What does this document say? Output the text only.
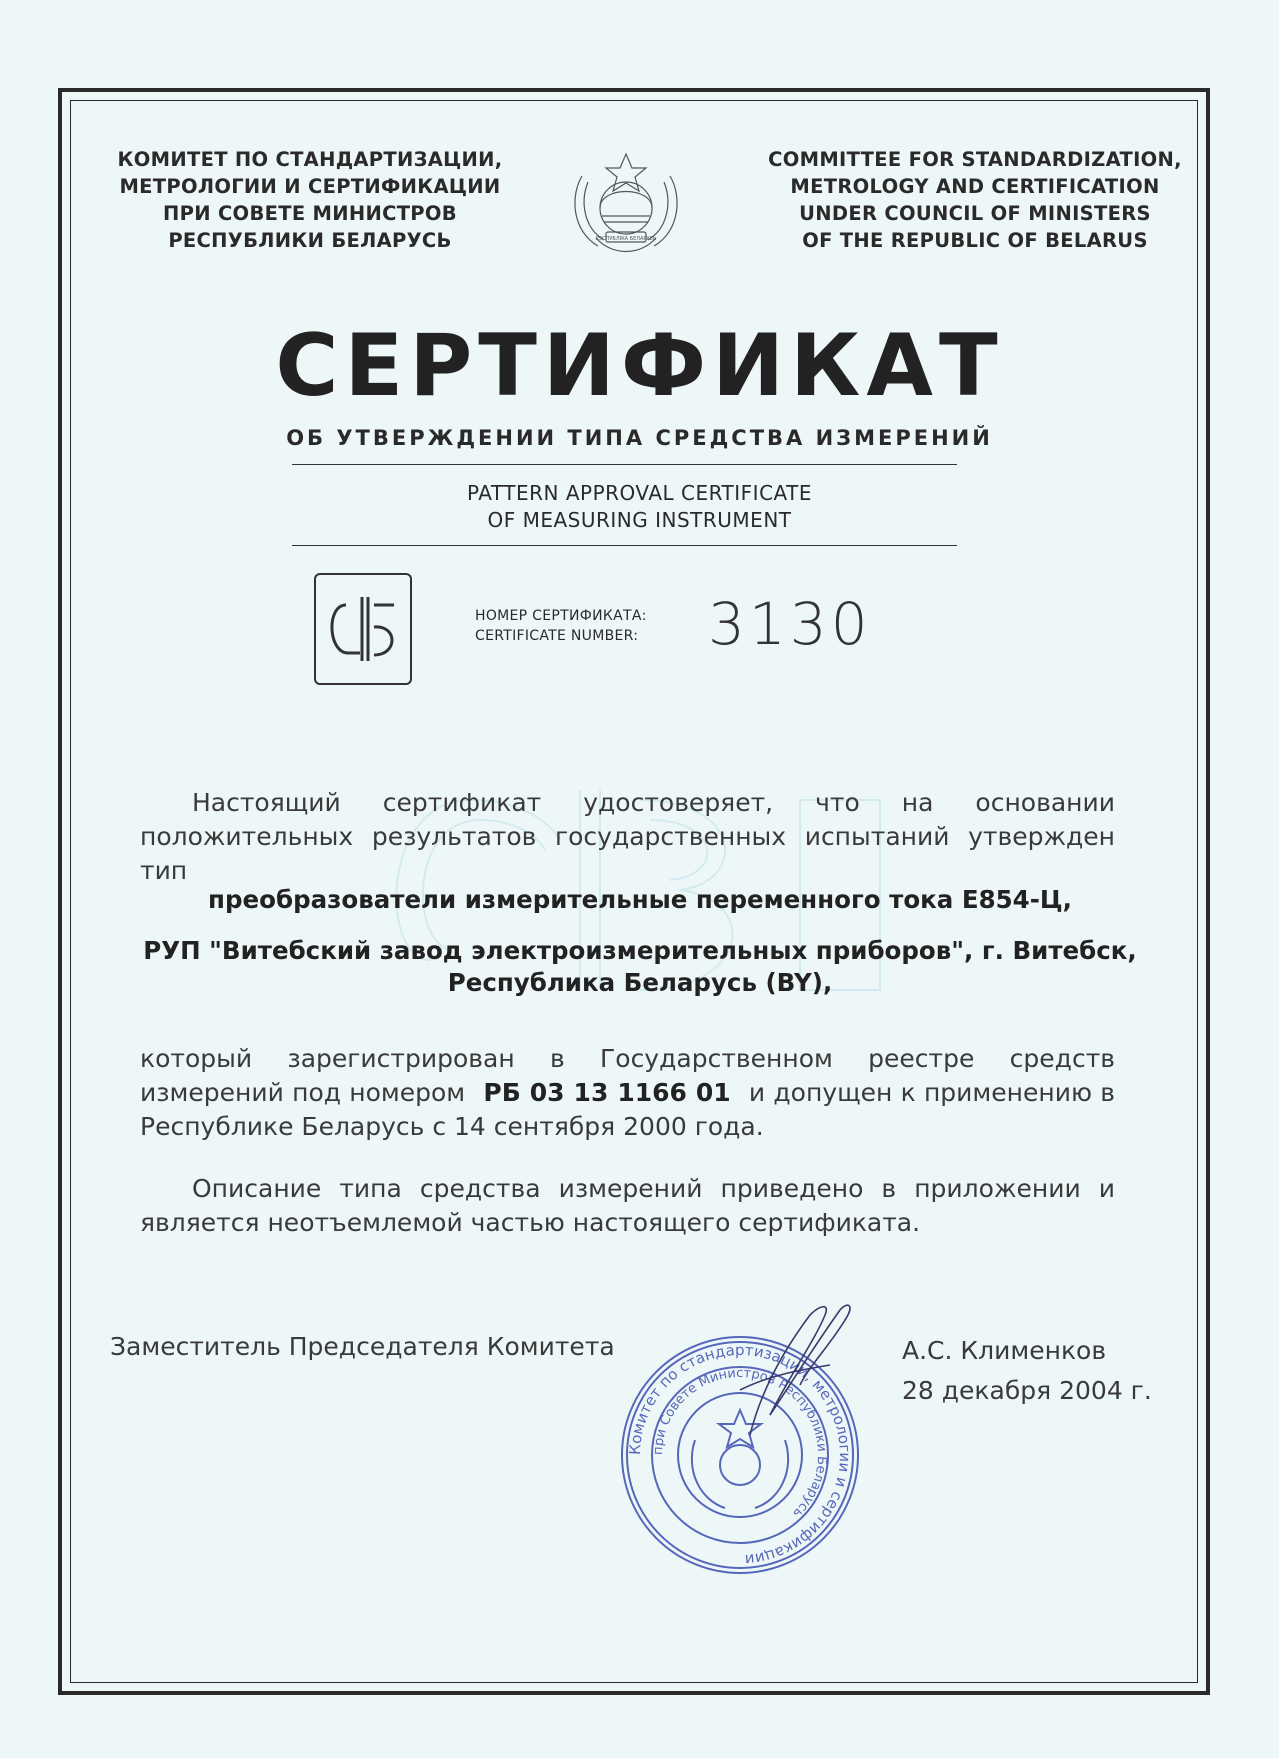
КОМИТЕТ ПО СТАНДАРТИЗАЦИИ,
МЕТРОЛОГИИ И СЕРТИФИКАЦИИ
ПРИ СОВЕТЕ МИНИСТРОВ
РЕСПУБЛИКИ БЕЛАРУСЬ	РЭСПУБЛІКА БЕЛАРУСЬ
COMMITTEE FOR STANDARDIZATION,
METROLOGY AND CERTIFICATION
UNDER COUNCIL OF MINISTERS
OF THE REPUBLIC OF BELARUS
СЕРТИФИКАТ
ОБ УТВЕРЖДЕНИИ ТИПА СРЕДСТВА ИЗМЕРЕНИЙ
PATTERN APPROVAL CERTIFICATE
OF MEASURING INSTRUMENT
НОМЕР СЕРТИФИКАТА:
CERTIFICATE NUMBER: 3130
Настоящий сертификат удостоверяет, что на основании положительных результатов государственных испытаний утвержден тип
преобразователи измерительные переменного тока Е854-Ц,
РУП "Витебский завод электроизмерительных приборов", г. Витебск,
Республика Беларусь (BY),
который зарегистрирован в Государственном реестре средств измерений под номером РБ 03 13 1166 01 и допущен к применению в Республике Беларусь с 14 сентября 2000 года.
Описание типа средства измерений приведено в приложении и является неотъемлемой частью настоящего сертификата.
Заместитель Председателя Комитета
Комитет по стандартизации, метрологии и сертификации
при Совете Министров Республики Беларусь
А.С. Клименков
28 декабря 2004 г.
